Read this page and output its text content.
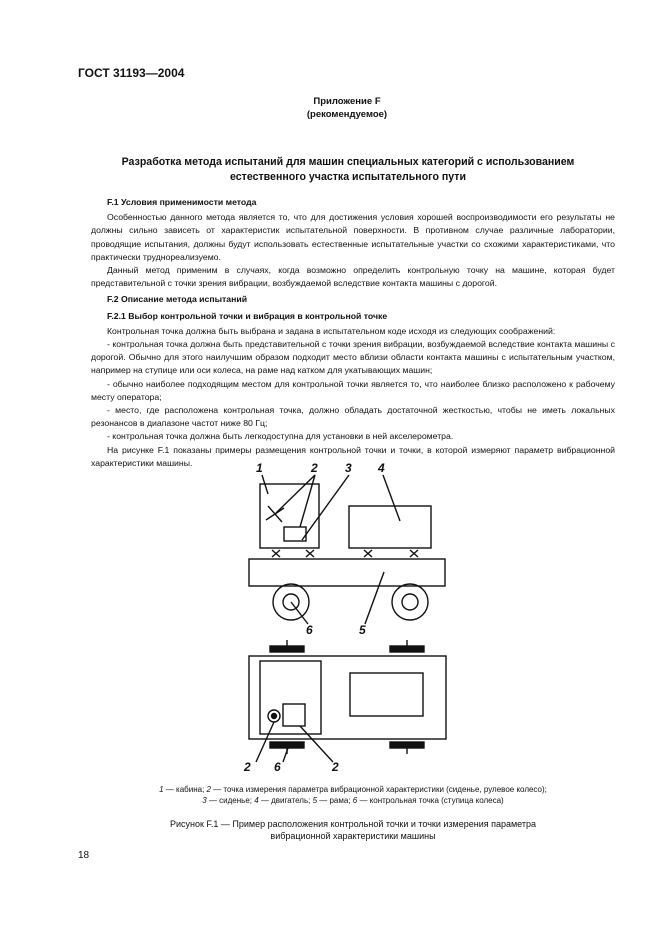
ГОСТ 31193—2004
Приложение F
(рекомендуемое)
Разработка метода испытаний для машин специальных категорий с использованием
естественного участка испытательного пути

F.1 Условия применимости метода

Особенностью данного метода является то, что для достижения условия хорошей воспроизводимости его результаты не должны сильно зависеть от характеристик испытательной поверхности. В противном случае различные лаборатории, проводящие испытания, должны будут использовать естественные испытательные участки со схожими характеристиками, что практически труднореализуемо.

Данный метод применим в случаях, когда возможно определить контрольную точку на машине, которая будет представительной с точки зрения вибрации, возбуждаемой вследствие контакта машины с дорогой.

F.2 Описание метода испытаний

F.2.1 Выбор контрольной точки и вибрация в контрольной точке

Контрольная точка должна быть выбрана и задана в испытательном коде исходя из следующих соображений:

- контрольная точка должна быть представительной с точки зрения вибрации, возбуждаемой вследствие контакта машины с дорогой. Обычно для этого наилучшим образом подходит место вблизи области контакта машины с испытательным участком, например на ступице или оси колеса, на раме над катком для укатывающих машин;

- обычно наиболее подходящим местом для контрольной точки является то, что наиболее близко расположено к рабочему месту оператора;

- место, где расположена контрольная точка, должно обладать достаточной жесткостью, чтобы не иметь локальных резонансов в диапазоне частот ниже 80 Гц;

- контрольная точка должна быть легкодоступна для установки в ней акселерометра.

На рисунке F.1 показаны примеры размещения контрольной точки и точки, в которой измеряют параметр вибрационной характеристики машины.	1	2 3 4
5
6
2 6	2
1 — кабина; 2 — точка измерения параметра вибрационной характеристики (сиденье, рулевое колесо);
3 — сиденье; 4 — двигатель; 5 — рама; 6 — контрольная точка (ступица колеса)
Рисунок F.1 — Пример расположения контрольной точки и точки измерения параметра
вибрационной характеристики машины
18
